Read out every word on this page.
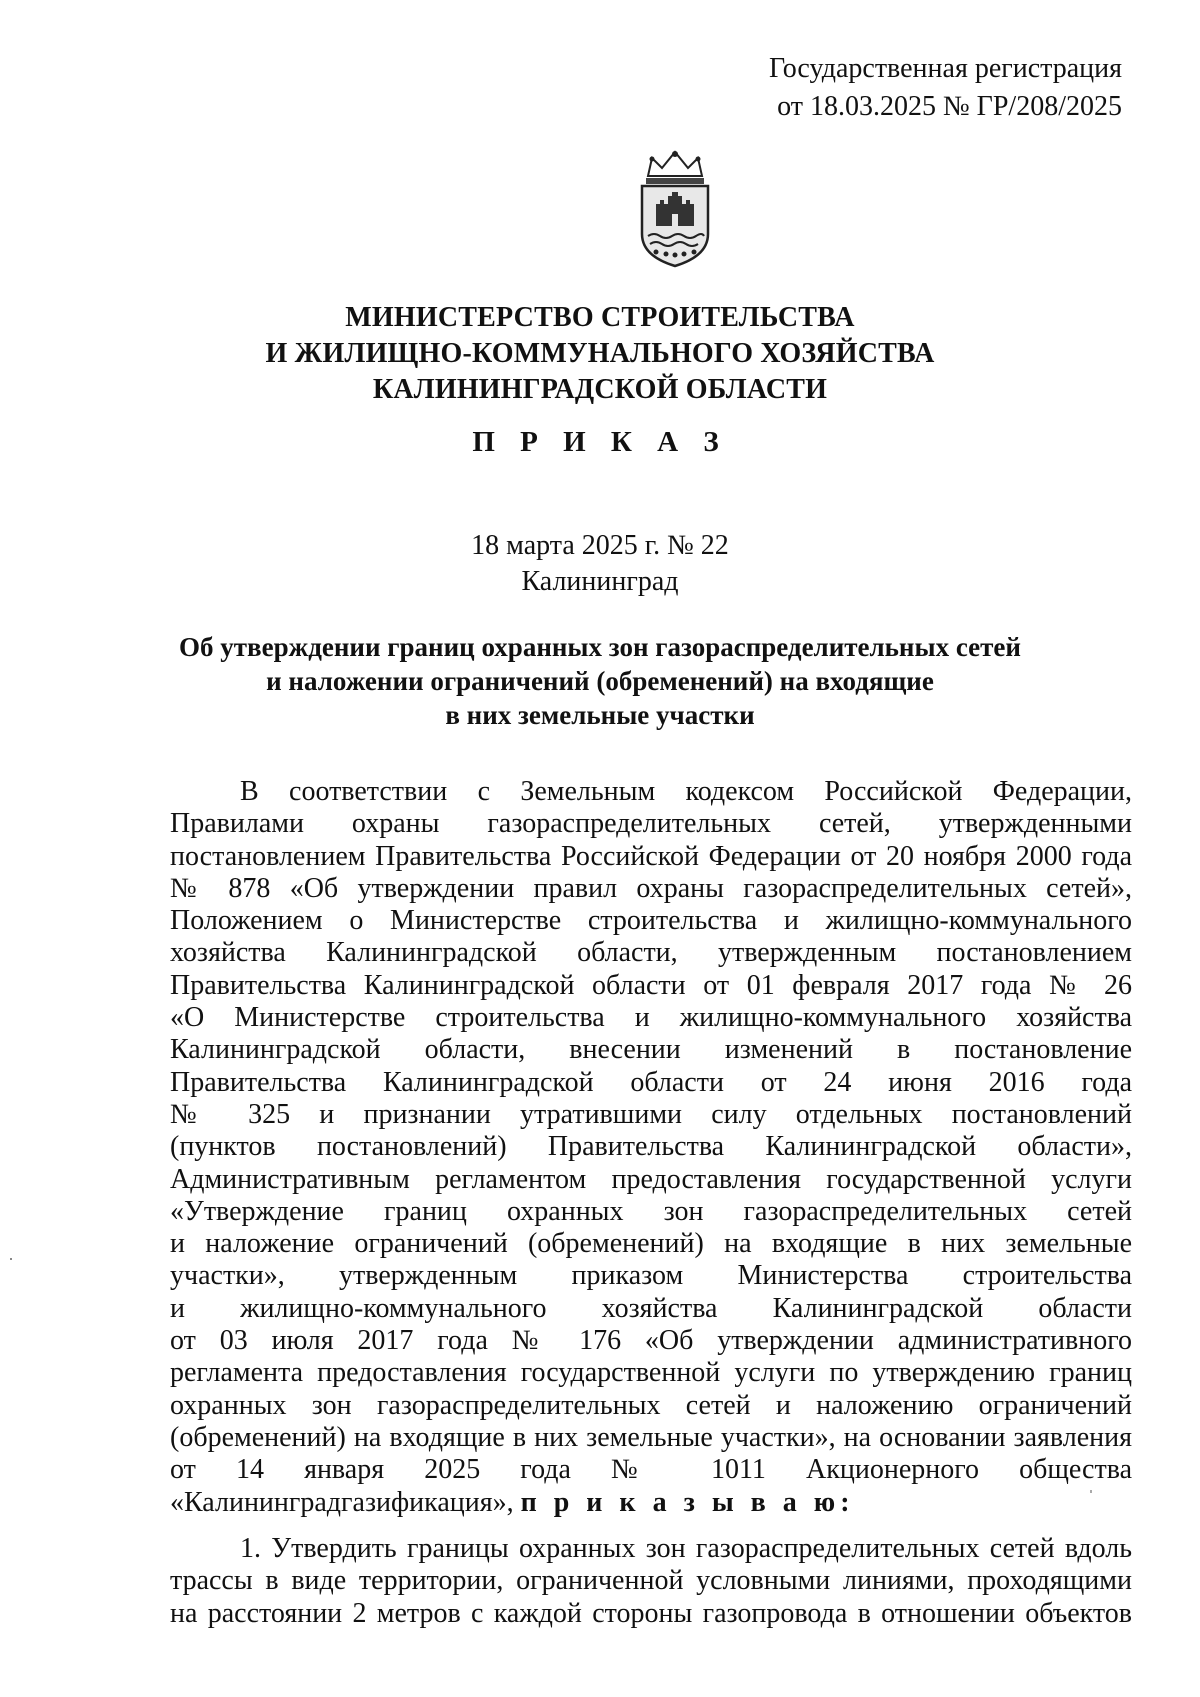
Государственная регистрация
от 18.03.2025 № ГР/208/2025
МИНИСТЕРСТВО СТРОИТЕЛЬСТВА
И ЖИЛИЩНО-КОММУНАЛЬНОГО ХОЗЯЙСТВА
КАЛИНИНГРАДСКОЙ ОБЛАСТИ
П Р И К А З
18 марта 2025 г. № 22
Калининград
Об утверждении границ охранных зон газораспределительных сетей
и наложении ограничений (обременений) на входящие
в них земельные участки
В соответствии с Земельным кодексом Российской Федерации,
Правилами охраны газораспределительных сетей, утвержденными
постановлением Правительства Российской Федерации от 20 ноября 2000 года
№ 878 «Об утверждении правил охраны газораспределительных сетей»,
Положением о Министерстве строительства и жилищно-коммунального
хозяйства Калининградской области, утвержденным постановлением
Правительства Калининградской области от 01 февраля 2017 года № 26
«О Министерстве строительства и жилищно-коммунального хозяйства
Калининградской области, внесении изменений в постановление
Правительства Калининградской области от 24 июня 2016 года
№ 325 и признании утратившими силу отдельных постановлений
(пунктов постановлений) Правительства Калининградской области»,
Административным регламентом предоставления государственной услуги
«Утверждение границ охранных зон газораспределительных сетей
и наложение ограничений (обременений) на входящие в них земельные
участки», утвержденным приказом Министерства строительства
и жилищно-коммунального хозяйства Калининградской области
от 03 июля 2017 года № 176 «Об утверждении административного
регламента предоставления государственной услуги по утверждению границ
охранных зон газораспределительных сетей и наложению ограничений
(обременений) на входящие в них земельные участки», на основании заявления
от 14 января 2025 года № 1011 Акционерного общества
«Калининградгазификация», п р и к а з ы в а ю:
1. Утвердить границы охранных зон газораспределительных сетей вдоль
трассы в виде территории, ограниченной условными линиями, проходящими
на расстоянии 2 метров с каждой стороны газопровода в отношении объектов
